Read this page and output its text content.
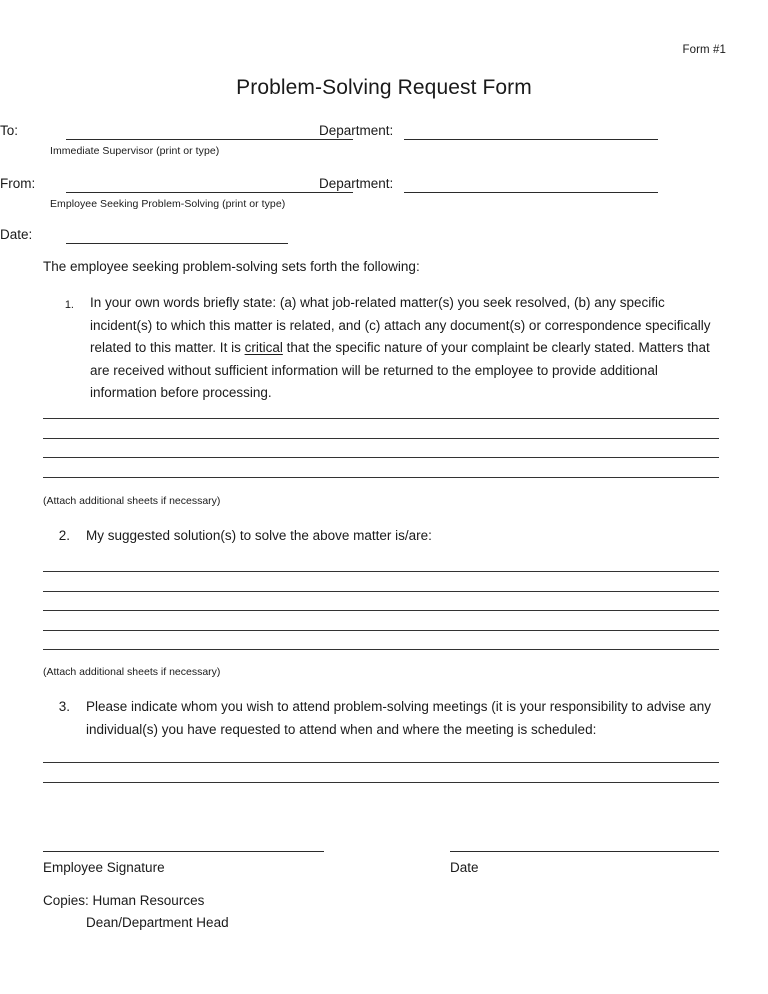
Form #1
Problem-Solving Request Form
To:
Immediate Supervisor (print or type)
Department:
From:
Employee Seeking Problem-Solving (print or type)
Department:
Date:
The employee seeking problem-solving sets forth the following:
1. In your own words briefly state: (a) what job-related matter(s) you seek resolved, (b) any specific incident(s) to which this matter is related, and (c) attach any document(s) or correspondence specifically related to this matter. It is critical that the specific nature of your complaint be clearly stated. Matters that are received without sufficient information will be returned to the employee to provide additional information before processing.
(Attach additional sheets if necessary)
2. My suggested solution(s) to solve the above matter is/are:
(Attach additional sheets if necessary)
3. Please indicate whom you wish to attend problem-solving meetings (it is your responsibility to advise any individual(s) you have requested to attend when and where the meeting is scheduled:
Employee Signature	Date
Copies: Human Resources
Dean/Department Head
